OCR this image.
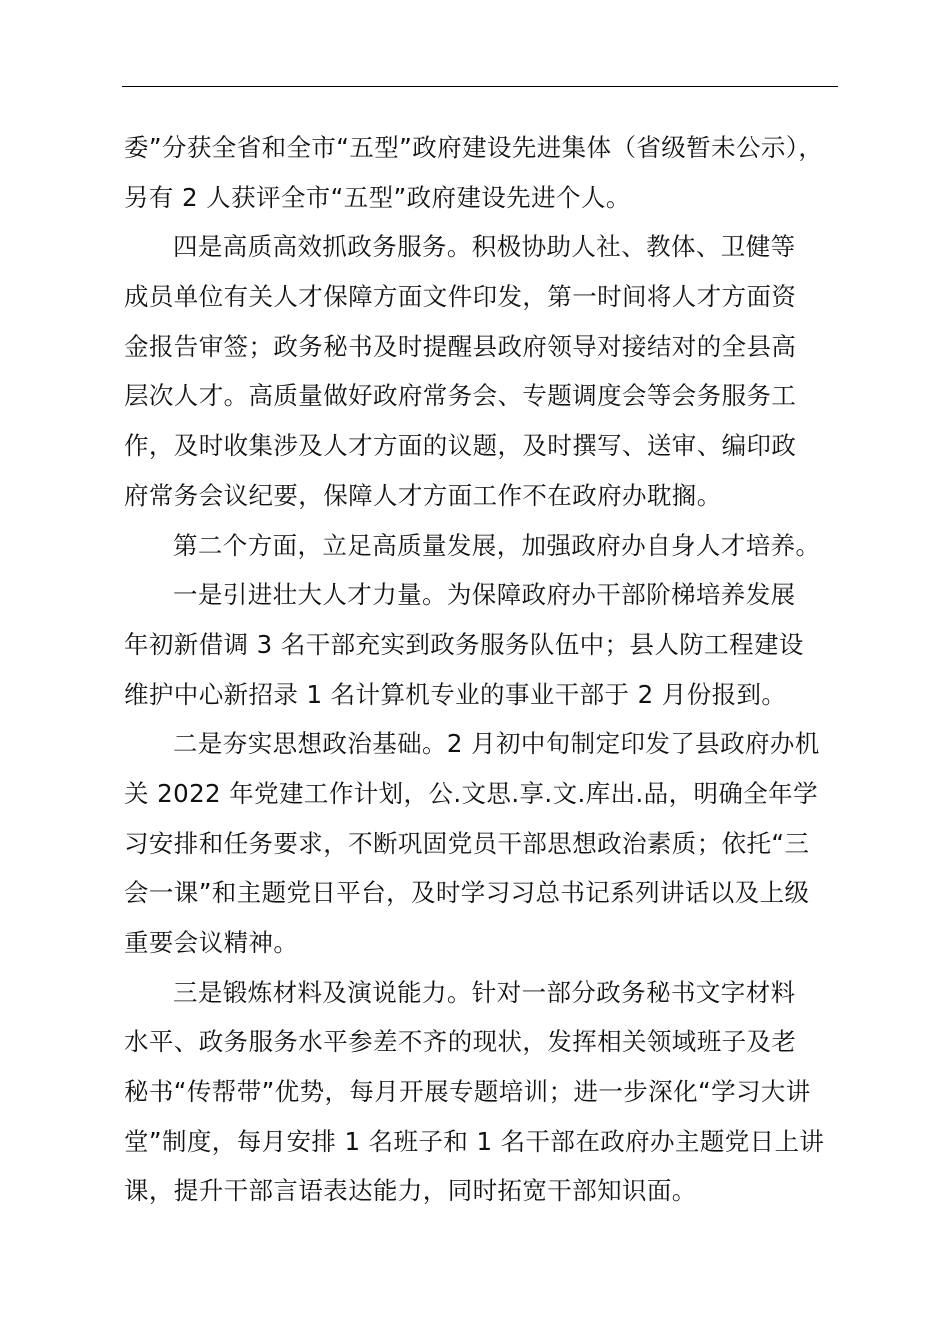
委”分获全省和全市“五型”政府建设先进集体（省级暂未公示），
另有 2 人获评全市“五型”政府建设先进个人。
四是高质高效抓政务服务。积极协助人社、教体、卫健等
成员单位有关人才保障方面文件印发，第一时间将人才方面资
金报告审签；政务秘书及时提醒县政府领导对接结对的全县高
层次人才。高质量做好政府常务会、专题调度会等会务服务工
作，及时收集涉及人才方面的议题，及时撰写、送审、编印政
府常务会议纪要，保障人才方面工作不在政府办耽搁。
第二个方面，立足高质量发展，加强政府办自身人才培养。
一是引进壮大人才力量。为保障政府办干部阶梯培养发展
年初新借调 3 名干部充实到政务服务队伍中；县人防工程建设
维护中心新招录 1 名计算机专业的事业干部于 2 月份报到。
二是夯实思想政治基础。2 月初中旬制定印发了县政府办机
关 2022 年党建工作计划，公.文思.享.文.库出.品，明确全年学
习安排和任务要求，不断巩固党员干部思想政治素质；依托“三
会一课”和主题党日平台，及时学习习总书记系列讲话以及上级
重要会议精神。
三是锻炼材料及演说能力。针对一部分政务秘书文字材料
水平、政务服务水平参差不齐的现状，发挥相关领域班子及老
秘书“传帮带”优势，每月开展专题培训；进一步深化“学习大讲
堂”制度，每月安排 1 名班子和 1 名干部在政府办主题党日上讲
课，提升干部言语表达能力，同时拓宽干部知识面。
